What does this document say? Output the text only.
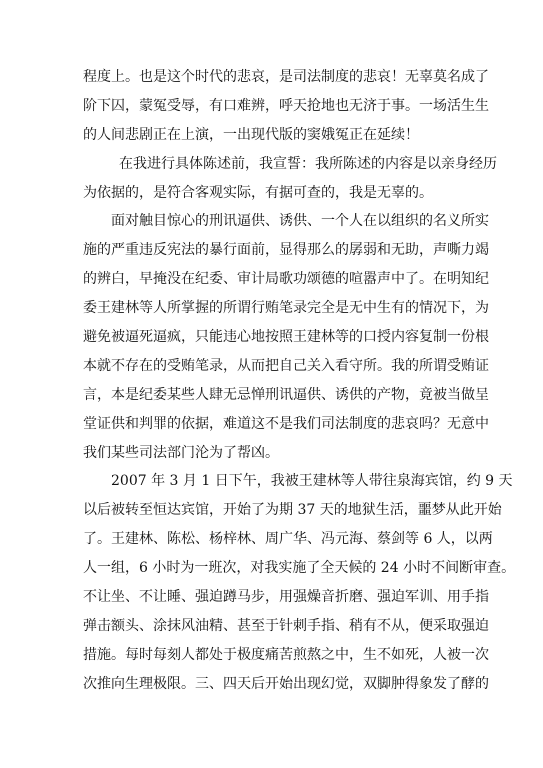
程度上。也是这个时代的悲哀，是司法制度的悲哀！无辜莫名成了
阶下囚，蒙冤受辱，有口难辨，呼天抢地也无济于事。一场活生生
的人间悲剧正在上演，一出现代版的窦娥冤正在延续！

在我进行具体陈述前，我宣誓：我所陈述的内容是以亲身经历
为依据的，是符合客观实际，有据可查的，我是无辜的。

面对触目惊心的刑讯逼供、诱供、一个人在以组织的名义所实
施的严重违反宪法的暴行面前，显得那么的孱弱和无助，声嘶力竭
的辨白，早掩没在纪委、审计局歌功颂德的喧嚣声中了。在明知纪
委王建林等人所掌握的所谓行贿笔录完全是无中生有的情况下，为
避免被逼死逼疯，只能违心地按照王建林等的口授内容复制一份根
本就不存在的受贿笔录，从而把自己关入看守所。我的所谓受贿证
言，本是纪委某些人肆无忌惮刑讯逼供、诱供的产物，竟被当做呈
堂证供和判罪的依据，难道这不是我们司法制度的悲哀吗？无意中
我们某些司法部门沦为了帮凶。

2007 年 3 月 1 日下午，我被王建林等人带往泉海宾馆，约 9 天
以后被转至恒达宾馆，开始了为期 37 天的地狱生活，噩梦从此开始
了。王建林、陈松、杨梓林、周广华、冯元海、蔡剑等 6 人，以两
人一组，6 小时为一班次，对我实施了全天候的 24 小时不间断审查。
不让坐、不让睡、强迫蹲马步，用强燥音折磨、强迫军训、用手指
弹击额头、涂抹风油精、甚至于针刺手指、稍有不从，便采取强迫
措施。每时每刻人都处于极度痛苦煎熬之中，生不如死，人被一次
次推向生理极限。三、四天后开始出现幻觉，双脚肿得象发了酵的
